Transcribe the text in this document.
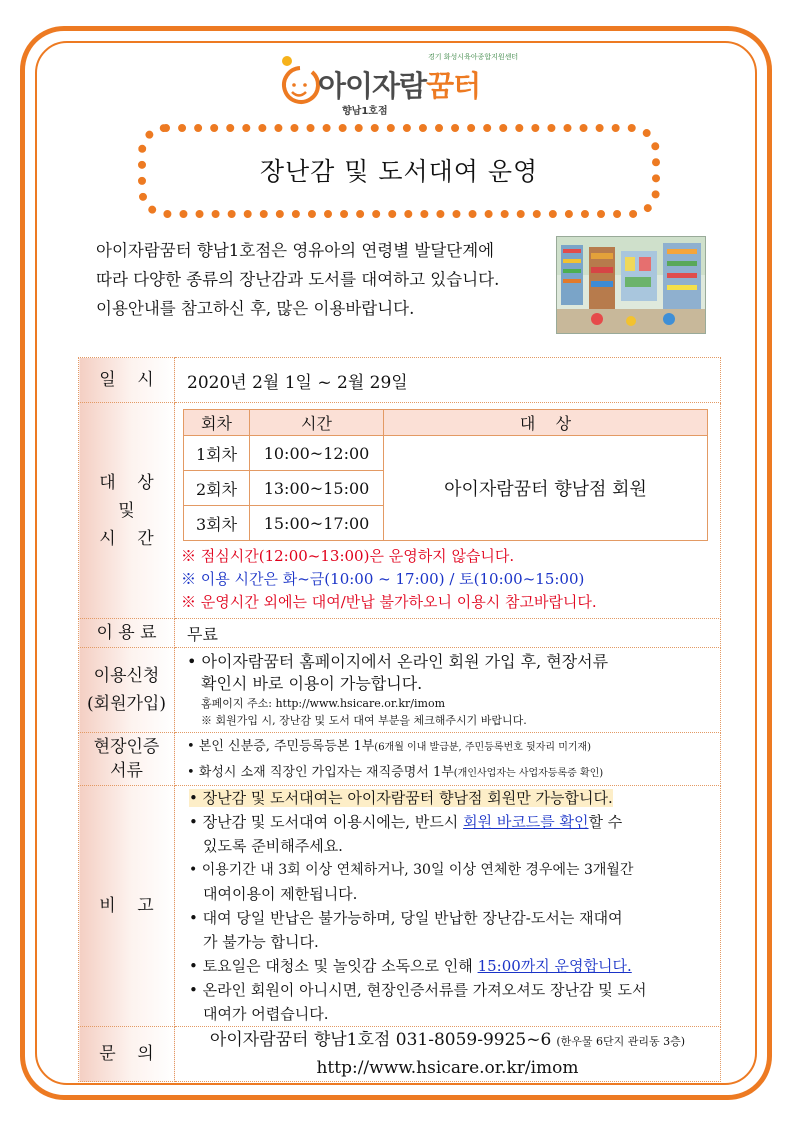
경기 화성시육아종합지원센터
아이자람꿈터
향남1호점
장난감 및 도서대여 운영
아이자람꿈터 향남1호점은 영유아의 연령별 발달단계에
따라 다양한 종류의 장난감과 도서를 대여하고 있습니다.
이용안내를 참고하신 후, 많은 이용바랍니다.
일    시	2020년 2월 1일 ~ 2월 29일

대    상
및
시    간

회차	시간	대    상
1회차	10:00~12:00	아이자람꿈터 향남점 회원
2회차	13:00~15:00
3회차	15:00~17:00
※ 점심시간(12:00~13:00)은 운영하지 않습니다.
※ 이용 시간은 화~금(10:00 ~ 17:00) / 토(10:00~15:00)
※ 운영시간 외에는 대여/반납 불가하오니 이용시 참고바랍니다.

이 용 료	무료

이용신청
(회원가입)

• 아이자람꿈터 홈페이지에서 온라인 회원 가입 후, 현장서류
확인시 바로 이용이 가능합니다.
홈페이지 주소: http://www.hsicare.or.kr/imom
※ 회원가입 시, 장난감 및 도서 대여 부분을 체크해주시기 바랍니다.

현장인증
서류

• 본인 신분증, 주민등록등본 1부(6개월 이내 발급분, 주민등록번호 뒷자리 미기재)
• 화성시 소재 직장인 가입자는 재직증명서 1부(개인사업자는 사업자등록증 확인)

비    고	
• 장난감 및 도서대여는 아이자람꿈터 향남점 회원만 가능합니다.
• 장난감 및 도서대여 이용시에는, 반드시 회원 바코드를 확인할 수
있도록 준비해주세요.
• 이용기간 내 3회 이상 연체하거나, 30일 이상 연체한 경우에는 3개월간
대여이용이 제한됩니다.
• 대여 당일 반납은 불가능하며, 당일 반납한 장난감-도서는 재대여
가 불가능 합니다.
• 토요일은 대청소 및 놀잇감 소독으로 인해 15:00까지 운영합니다.
• 온라인 회원이 아니시면, 현장인증서류를 가져오셔도 장난감 및 도서
대여가 어렵습니다.

문    의	
아이자람꿈터 향남1호점 031-8059-9925~6 (한우물 6단지 관리동 3층)
http://www.hsicare.or.kr/imom
